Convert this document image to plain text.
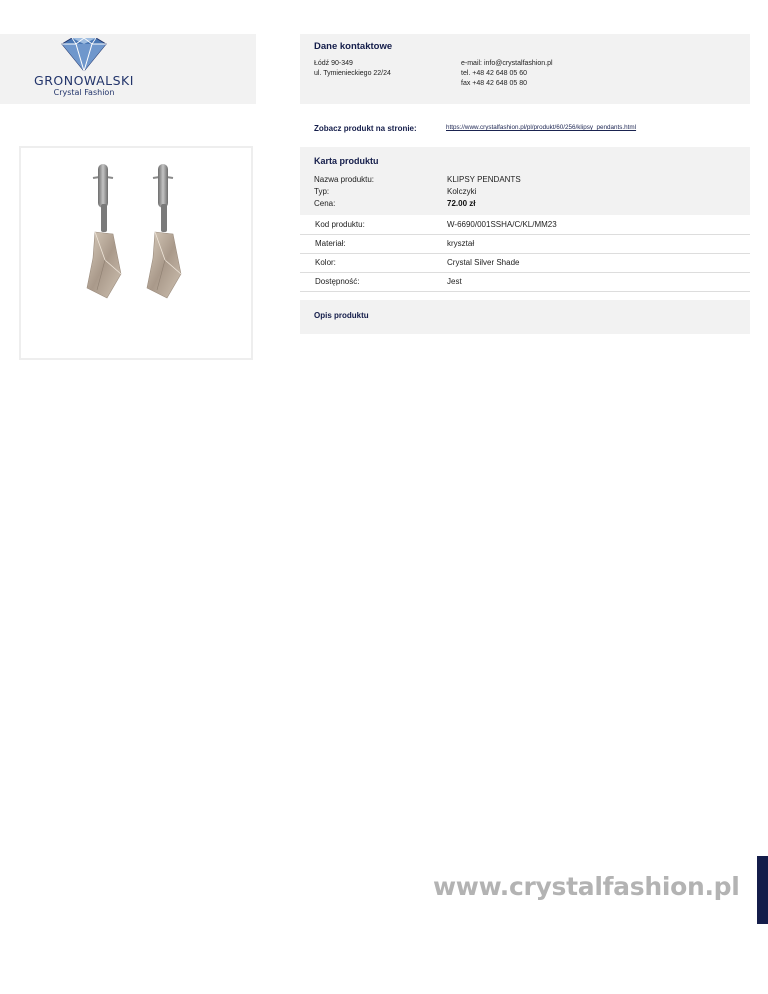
GRONOWALSKI
Crystal Fashion
Dane kontaktowe
Łódź 90-349
ul. Tymienieckiego 22/24
e-mail: info@crystalfashion.pl
tel. +48 42 648 05 60
fax +48 42 648 05 80
Zobacz produkt na stronie:	https://www.crystalfashion.pl/pl/produkt/60/256/klipsy_pendants.html
Karta produktu
Nazwa produktu:	KLIPSY PENDANTS
Typ:	Kolczyki
Cena:	72.00 zł
Kod produktu:	W-6690/001SSHA/C/KL/MM23
Materiał:	kryształ
Kolor:	Crystal Silver Shade
Dostępność:	Jest
Opis produktu
www.crystalfashion.pl
